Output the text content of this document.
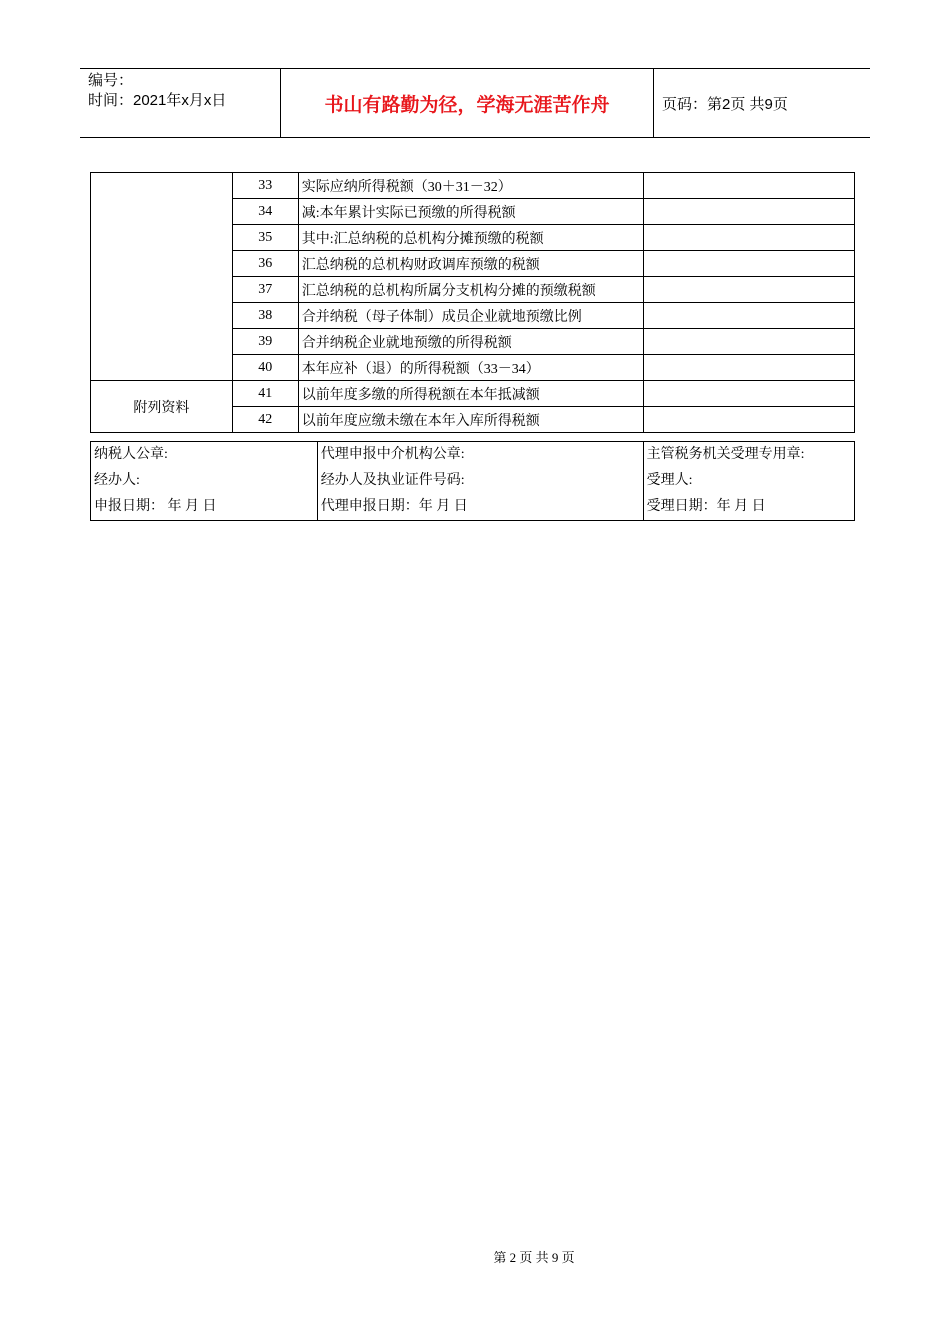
编号：
时间：2021年x月x日	书山有路勤为径，学海无涯苦作舟	页码：第2页 共9页
	33	实际应纳所得税额（30＋31－32）	
	34	减:本年累计实际已预缴的所得税额	
	35	其中:汇总纳税的总机构分摊预缴的税额	
	36	汇总纳税的总机构财政调库预缴的税额	
	37	汇总纳税的总机构所属分支机构分摊的预缴税额	
	38	合并纳税（母子体制）成员企业就地预缴比例	
	39	合并纳税企业就地预缴的所得税额	
	40	本年应补（退）的所得税额（33－34）	
附列资料	41	以前年度多缴的所得税额在本年抵减额	
	42	以前年度应缴未缴在本年入库所得税额	
纳税人公章:
经办人:
申报日期： 年 月 日

代理申报中介机构公章:
经办人及执业证件号码:
代理申报日期：年 月 日

主管税务机关受理专用章:
受理人:
受理日期：年 月 日
第 2 页 共 9 页
